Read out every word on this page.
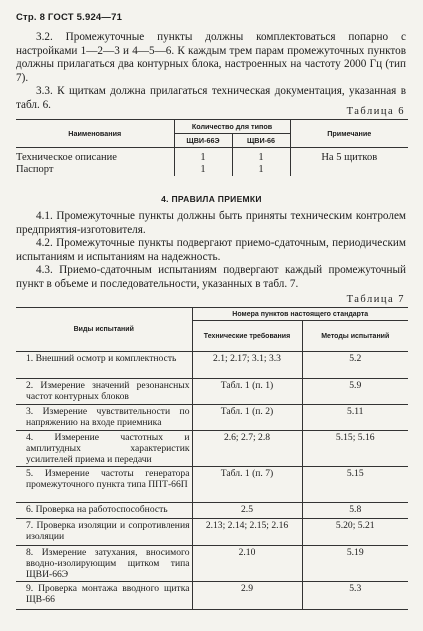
Стр. 8 ГОСТ 5.924—71
3.2. Промежуточные пункты должны комплектоваться попарно с настройками 1—2—3 и 4—5—6. К каждым трем парам промежуточных пунктов должны прилагаться два контурных блока, настроенных на частоту 2000 Гц (тип 7).
3.3. К щиткам должна прилагаться техническая документация, указанная в табл. 6.
Таблица 6
Наименования	Количество для типов		Примечание
	ЩВИ-66Э	ЩВИ-66	

Техническое описание	1	1	На 5 щитков
Паспорт	1	1	
4. ПРАВИЛА ПРИЕМКИ
4.1. Промежуточные пункты должны быть приняты техническим контролем предприятия-изготовителя.
4.2. Промежуточные пункты подвергают приемо-сдаточным, периодическим испытаниям и испытаниям на надежность.
4.3. Приемо-сдаточным испытаниям подвергают каждый промежуточный пункт в объеме и последовательности, указанных в табл. 7.
Таблица 7
Виды испытаний	Номера пунктов настоящего стандарта	
	Технические требования	Методы испытаний
1. Внешний осмотр и комплектность	2.1; 2.17; 3.1; 3.3	5.2
2. Измерение значений резонансных частот контурных блоков	Табл. 1 (п. 1)	5.9
3. Измерение чувствительности по напряжению на входе приемника	Табл. 1 (п. 2)	5.11
4. Измерение частотных и амплитудных характеристик усилителей приема и передачи	2.6; 2.7; 2.8	5.15; 5.16
5. Измерение частоты генератора промежуточного пункта типа ППТ-66П	Табл. 1 (п. 7)	5.15
6. Проверка на работоспособность	2.5	5.8
7. Проверка изоляции и сопротивления изоляции	2.13; 2.14; 2.15; 2.16	5.20; 5.21
8. Измерение затухания, вносимого вводно-изолирующим щитком типа ЩВИ-66Э	2.10	5.19
9. Проверка монтажа вводного щитка ЩВ-66	2.9	5.3
